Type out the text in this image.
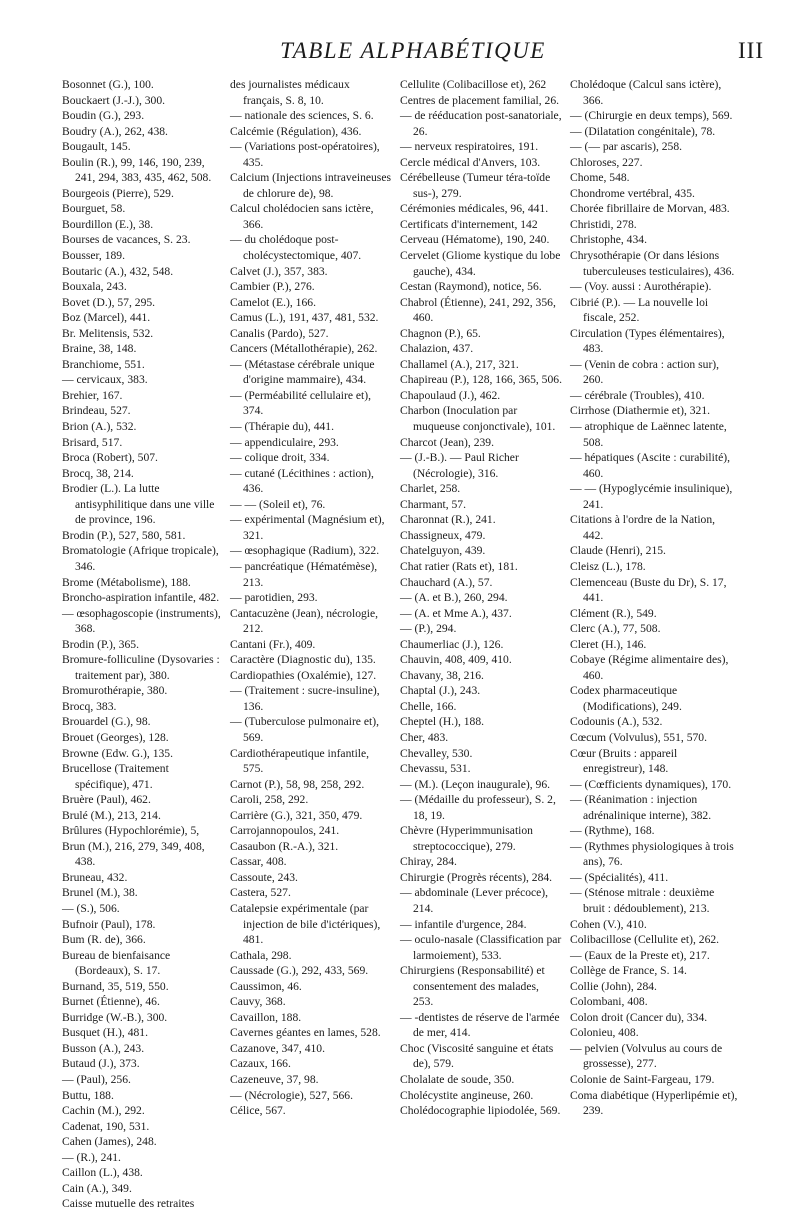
TABLE ALPHABÉTIQUE	III

Bosonnet (G.), 100.

Bouckaert (J.-J.), 300.

Boudin (G.), 293.

Boudry (A.), 262, 438.

Bougault, 145.

Boulin (R.), 99, 146, 190, 239, 241, 294, 383, 435, 462, 508.

Bourgeois (Pierre), 529.

Bourguet, 58.

Bourdillon (E.), 38.

Bourses de vacances, S. 23.

Bousser, 189.

Boutaric (A.), 432, 548.

Bouxala, 243.

Bovet (D.), 57, 295.

Boz (Marcel), 441.

Br. Melitensis, 532.

Braine, 38, 148.

Branchiome, 551.

— cervicaux, 383.

Brehier, 167.

Brindeau, 527.

Brion (A.), 532.

Brisard, 517.

Broca (Robert), 507.

Brocq, 38, 214.

Brodier (L.). La lutte antisyphilitique dans une ville de province, 196.

Brodin (P.), 527, 580, 581.

Bromatologie (Afrique tropicale), 346.

Brome (Métabolisme), 188.

Broncho-aspiration infantile, 482.

— œsophagoscopie (instruments), 368.

Brodin (P.), 365.

Bromure-folliculine (Dysovaries : traitement par), 380.

Bromurothérapie, 380.

Brocq, 383.

Brouardel (G.), 98.

Brouet (Georges), 128.

Browne (Edw. G.), 135.

Brucellose (Traitement spécifique), 471.

Bruère (Paul), 462.

Brulé (M.), 213, 214.

Brûlures (Hypochlorémie), 5,

Brun (M.), 216, 279, 349, 408, 438.

Bruneau, 432.

Brunel (M.), 38.

— (S.), 506.

Bufnoir (Paul), 178.

Bum (R. de), 366.

Bureau de bienfaisance (Bordeaux), S. 17.

Burnand, 35, 519, 550.

Burnet (Étienne), 46.

Burridge (W.-B.), 300.

Busquet (H.), 481.

Busson (A.), 243.

Butaud (J.), 373.

— (Paul), 256.

Buttu, 188.

Cachin (M.), 292.

Cadenat, 190, 531.

Cahen (James), 248.

— (R.), 241.

Caillon (L.), 438.

Cain (A.), 349.

Caisse mutuelle des retraites

des journalistes médicaux français, S. 8, 10.

— nationale des sciences, S. 6.

Calcémie (Régulation), 436.

— (Variations post-opératoires), 435.

Calcium (Injections intraveineuses de chlorure de), 98.

Calcul cholédocien sans ictère, 366.

— du cholédoque post-cholécystectomique, 407.

Calvet (J.), 357, 383.

Cambier (P.), 276.

Camelot (E.), 166.

Camus (L.), 191, 437, 481, 532.

Canalis (Pardo), 527.

Cancers (Métallothérapie), 262.

— (Métastase cérébrale unique d'origine mammaire), 434.

— (Perméabilité cellulaire et), 374.

— (Thérapie du), 441.

— appendiculaire, 293.

— colique droit, 334.

— cutané (Lécithines : action), 436.

— — (Soleil et), 76.

— expérimental (Magnésium et), 321.

— œsophagique (Radium), 322.

— pancréatique (Hématémèse), 213.

— parotidien, 293.

Cantacuzène (Jean), nécrologie, 212.

Cantani (Fr.), 409.

Caractère (Diagnostic du), 135.

Cardiopathies (Oxalémie), 127.

— (Traitement : sucre-insuline), 136.

— (Tuberculose pulmonaire et), 569.

Cardiothérapeutique infantile, 575.

Carnot (P.), 58, 98, 258, 292.

Caroli, 258, 292.

Carrière (G.), 321, 350, 479.

Carrojannopoulos, 241.

Casaubon (R.-A.), 321.

Cassar, 408.

Cassoute, 243.

Castera, 527.

Catalepsie expérimentale (par injection de bile d'ictériques), 481.

Cathala, 298.

Caussade (G.), 292, 433, 569.

Caussimon, 46.

Cauvy, 368.

Cavaillon, 188.

Cavernes géantes en lames, 528.

Cazanove, 347, 410.

Cazaux, 166.

Cazeneuve, 37, 98.

— (Nécrologie), 527, 566.

Célice, 567.

Cellulite (Colibacillose et), 262

Centres de placement familial, 26.

— de rééducation post-sanatoriale, 26.

— nerveux respiratoires, 191.

Cercle médical d'Anvers, 103.

Cérébelleuse (Tumeur téra-toïde sus-), 279.

Cérémonies médicales, 96, 441.

Certificats d'internement, 142

Cerveau (Hématome), 190, 240.

Cervelet (Gliome kystique du lobe gauche), 434.

Cestan (Raymond), notice, 56.

Chabrol (Étienne), 241, 292, 356, 460.

Chagnon (P.), 65.

Chalazion, 437.

Challamel (A.), 217, 321.

Chapireau (P.), 128, 166, 365, 506.

Chapoulaud (J.), 462.

Charbon (Inoculation par muqueuse conjonctivale), 101.

Charcot (Jean), 239.

— (J.-B.). — Paul Richer (Nécrologie), 316.

Charlet, 258.

Charmant, 57.

Charonnat (R.), 241.

Chassigneux, 479.

Chatelguyon, 439.

Chat ratier (Rats et), 181.

Chauchard (A.), 57.

— (A. et B.), 260, 294.

— (A. et Mme A.), 437.

— (P.), 294.

Chaumerliac (J.), 126.

Chauvin, 408, 409, 410.

Chavany, 38, 216.

Chaptal (J.), 243.

Chelle, 166.

Cheptel (H.), 188.

Cher, 483.

Chevalley, 530.

Chevassu, 531.

— (M.). (Leçon inaugurale), 96.

— (Médaille du professeur), S. 2, 18, 19.

Chèvre (Hyperimmunisation streptococcique), 279.

Chiray, 284.

Chirurgie (Progrès récents), 284.

— abdominale (Lever précoce), 214.

— infantile d'urgence, 284.

— oculo-nasale (Classification par larmoiement), 533.

Chirurgiens (Responsabilité) et consentement des malades, 253.

— -dentistes de réserve de l'armée de mer, 414.

Choc (Viscosité sanguine et états de), 579.

Cholalate de soude, 350.

Cholécystite angineuse, 260.

Cholédocographie lipiodolée, 569.

Cholédoque (Calcul sans ictère), 366.

— (Chirurgie en deux temps), 569.

— (Dilatation congénitale), 78.

— (— par ascaris), 258.

Chloroses, 227.

Chome, 548.

Chondrome vertébral, 435.

Chorée fibrillaire de Morvan, 483.

Christidi, 278.

Christophe, 434.

Chrysothérapie (Or dans lésions tuberculeuses testiculaires), 436.

— (Voy. aussi : Aurothérapie).

Cibrié (P.). — La nouvelle loi fiscale, 252.

Circulation (Types élémentaires), 483.

— (Venin de cobra : action sur), 260.

— cérébrale (Troubles), 410.

Cirrhose (Diathermie et), 321.

— atrophique de Laënnec latente, 508.

— hépatiques (Ascite : curabilité), 460.

— — (Hypoglycémie insulinique), 241.

Citations à l'ordre de la Nation, 442.

Claude (Henri), 215.

Cleisz (L.), 178.

Clemenceau (Buste du Dr), S. 17, 441.

Clément (R.), 549.

Clerc (A.), 77, 508.

Cleret (H.), 146.

Cobaye (Régime alimentaire des), 460.

Codex pharmaceutique (Modifications), 249.

Codounis (A.), 532.

Cœcum (Volvulus), 551, 570.

Cœur (Bruits : appareil enregistreur), 148.

— (Cœfficients dynamiques), 170.

— (Réanimation : injection adrénalinique interne), 382.

— (Rythme), 168.

— (Rythmes physiologiques à trois ans), 76.

— (Spécialités), 411.

— (Sténose mitrale : deuxième bruit : dédoublement), 213.

Cohen (V.), 410.

Colibacillose (Cellulite et), 262.

— (Eaux de la Preste et), 217.

Collège de France, S. 14.

Collie (John), 284.

Colombani, 408.

Colon droit (Cancer du), 334.

Colonieu, 408.

— pelvien (Volvulus au cours de grossesse), 277.

Colonie de Saint-Fargeau, 179.

Coma diabétique (Hyperlipémie et), 239.
